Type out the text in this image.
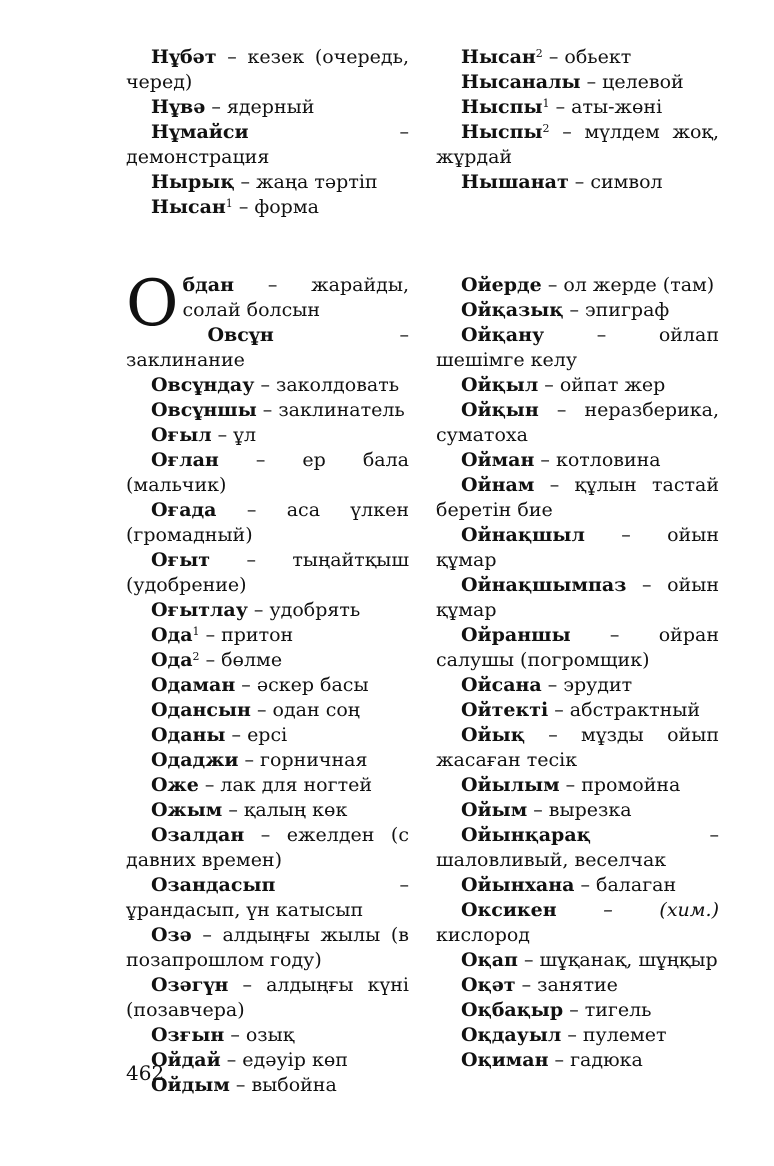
Нұбәт – кезек (очередь, черед)
Нұвә – ядерный
Нұмайси – демонстрация
Нырық – жаңа тәртіп
Нысан$^1$ – форма
Нысан$^2$ – обьект
Нысаналы – целевой
Ныспы$^1$ – аты-жөні
Ныспы$^2$ – мүлдем жоқ, жұрдай
Нышанат – символ
Обдан – жарайды, солай болсын
Овсұн – заклинание
Овсұндау – заколдовать
Овсұншы – заклинатель
Оғыл – ұл
Оғлан – ер бала (мальчик)
Оғада – аса үлкен (громадный)
Оғыт – тыңайтқыш (удобрение)
Оғытлау – удобрять
Ода$^1$ – притон
Ода$^2$ – бөлме
Одаман – әскер басы
Одансын – одан соң
Оданы – ерсі
Одаджи – горничная
Оже – лак для ногтей
Ожым – қалың көк
Озалдан – ежелден (с давних времен)
Озандасып – ұрандасып, үн катысып
Озә – алдыңғы жылы (в позапрошлом году)
Озәгүн – алдыңғы күні (позавчера)
Озғын – озық
Ойдай – едәуір көп
Ойдым – выбойна
Ойерде – ол жерде (там)
Ойқазық – эпиграф
Ойқану – ойлап шешімге келу
Ойқыл – ойпат жер
Ойқын – неразберика, суматоха
Ойман – котловина
Ойнам – құлын тастай беретін бие
Ойнақшыл – ойын құмар
Ойнақшымпаз – ойын құмар
Ойраншы – ойран салушы (погромщик)
Ойсана – эрудит
Ойтекті – абстрактный
Ойық – мұзды ойып жасаған тесік
Ойылым – промойна
Ойым – вырезка
Ойынқарақ – шаловливый, веселчак
Ойынхана – балаган
Оксикен – (хим.) кислород
Оқап – шұқанақ, шұңқыр
Оқәт – занятие
Оқбақыр – тигель
Оқдауыл – пулемет
Оқиман – гадюка
462
